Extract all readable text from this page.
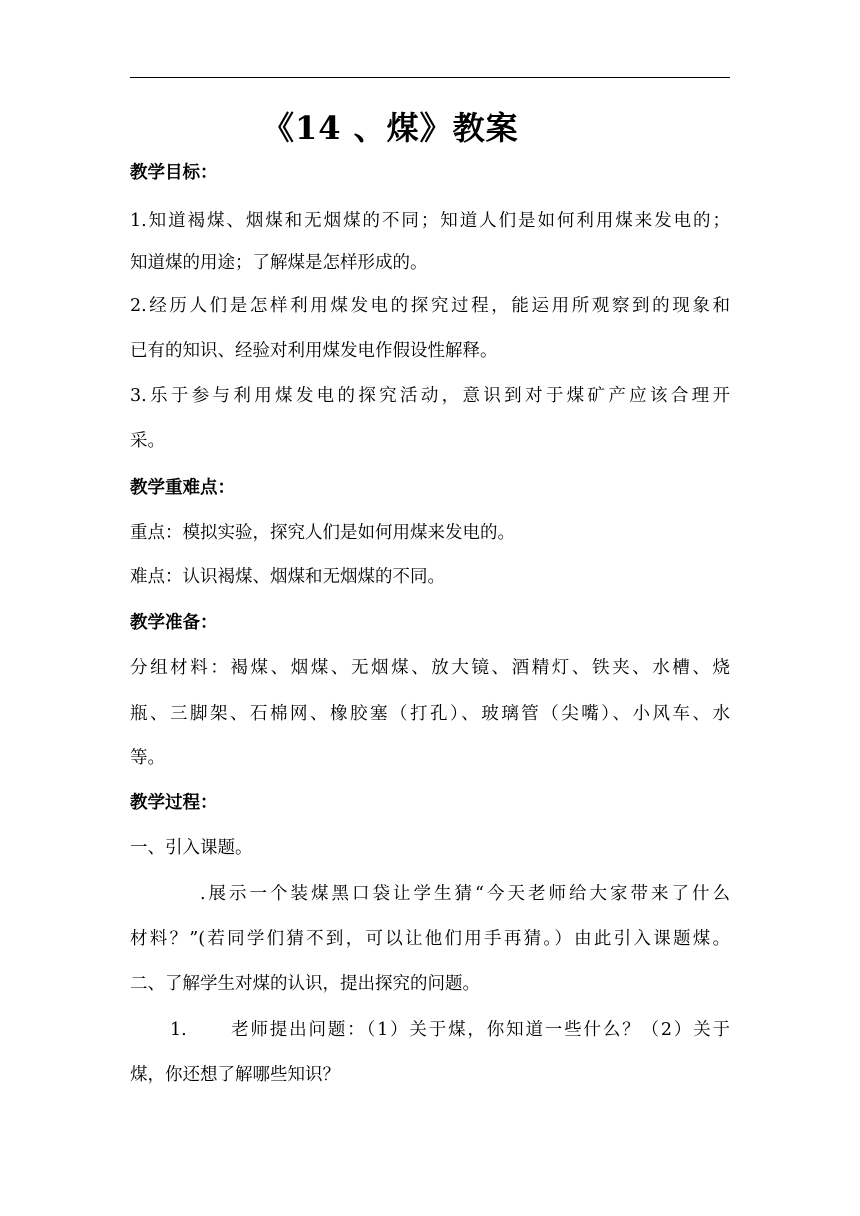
《14 、煤》教案
教学目标：
1.知道褐煤、烟煤和无烟煤的不同；知道人们是如何利用煤来发电的；
知道煤的用途；了解煤是怎样形成的。
2.经历人们是怎样利用煤发电的探究过程，能运用所观察到的现象和
已有的知识、经验对利用煤发电作假设性解释。
3.乐于参与利用煤发电的探究活动，意识到对于煤矿产应该合理开
采。
教学重难点：
重点：模拟实验，探究人们是如何用煤来发电的。
难点：认识褐煤、烟煤和无烟煤的不同。
教学准备：
分组材料：褐煤、烟煤、无烟煤、放大镜、酒精灯、铁夹、水槽、烧
瓶、三脚架、石棉网、橡胶塞（打孔）、玻璃管（尖嘴）、小风车、水
等。
教学过程：
一、引入课题。
.展示一个装煤黑口袋让学生猜“今天老师给大家带来了什么
材料？”(若同学们猜不到，可以让他们用手再猜。）由此引入课题煤。
二、了解学生对煤的认识，提出探究的问题。
1.      老师提出问题：（1）关于煤，你知道一些什么？（2）关于
煤，你还想了解哪些知识？
